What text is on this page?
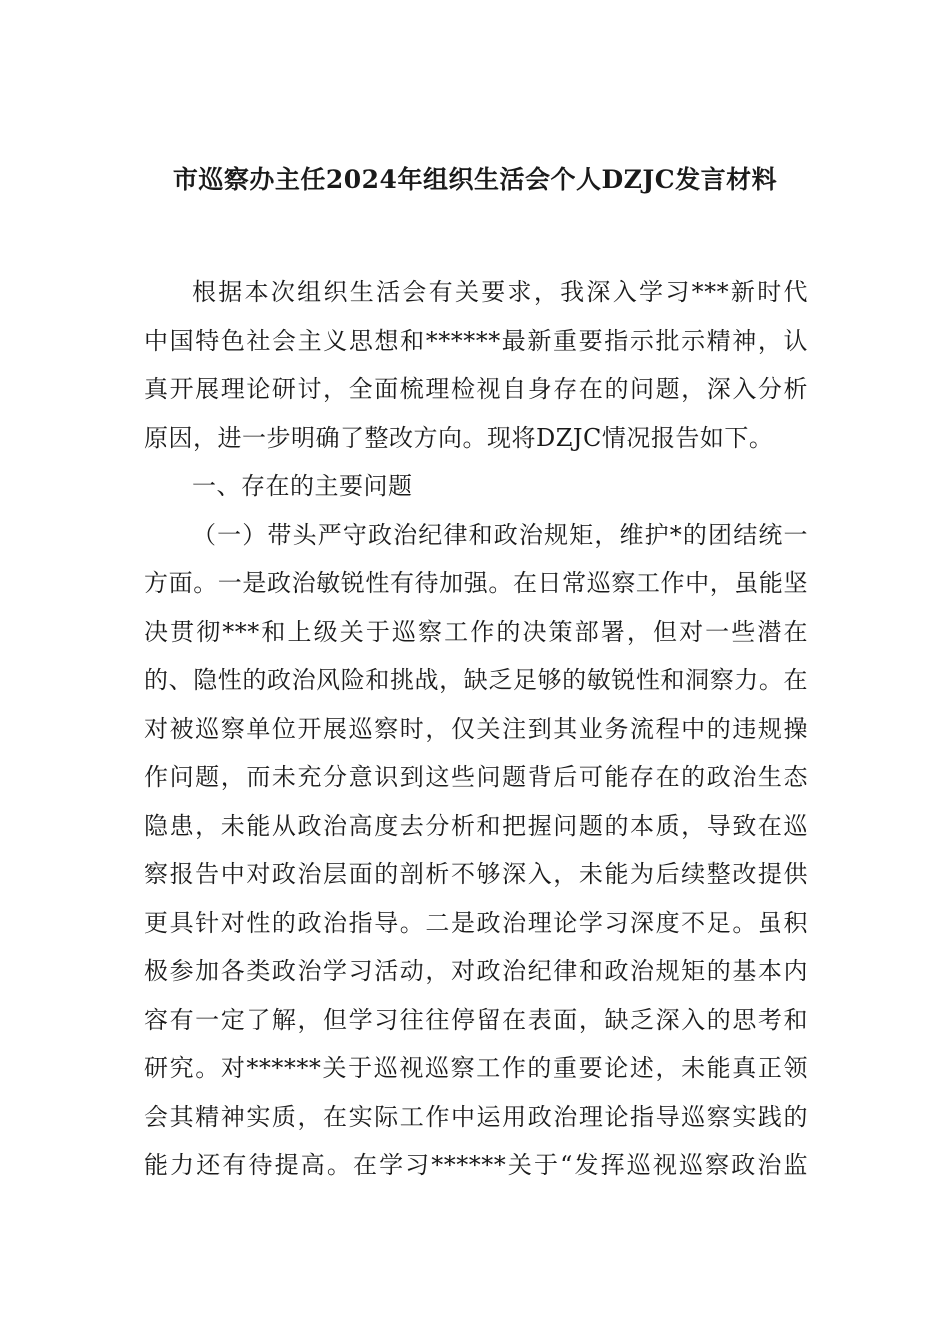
市巡察办主任2024年组织生活会个人DZJC发言材料
根据本次组织生活会有关要求，我深入学习***新时代
中国特色社会主义思想和******最新重要指示批示精神，认
真开展理论研讨，全面梳理检视自身存在的问题，深入分析
原因，进一步明确了整改方向。现将DZJC情况报告如下。
一、存在的主要问题
（一）带头严守政治纪律和政治规矩，维护*的团结统一
方面。一是政治敏锐性有待加强。在日常巡察工作中，虽能坚
决贯彻***和上级关于巡察工作的决策部署，但对一些潜在
的、隐性的政治风险和挑战，缺乏足够的敏锐性和洞察力。在
对被巡察单位开展巡察时，仅关注到其业务流程中的违规操
作问题，而未充分意识到这些问题背后可能存在的政治生态
隐患，未能从政治高度去分析和把握问题的本质，导致在巡
察报告中对政治层面的剖析不够深入，未能为后续整改提供
更具针对性的政治指导。二是政治理论学习深度不足。虽积
极参加各类政治学习活动，对政治纪律和政治规矩的基本内
容有一定了解，但学习往往停留在表面，缺乏深入的思考和
研究。对******关于巡视巡察工作的重要论述，未能真正领
会其精神实质，在实际工作中运用政治理论指导巡察实践的
能力还有待提高。在学习******关于“发挥巡视巡察政治监
